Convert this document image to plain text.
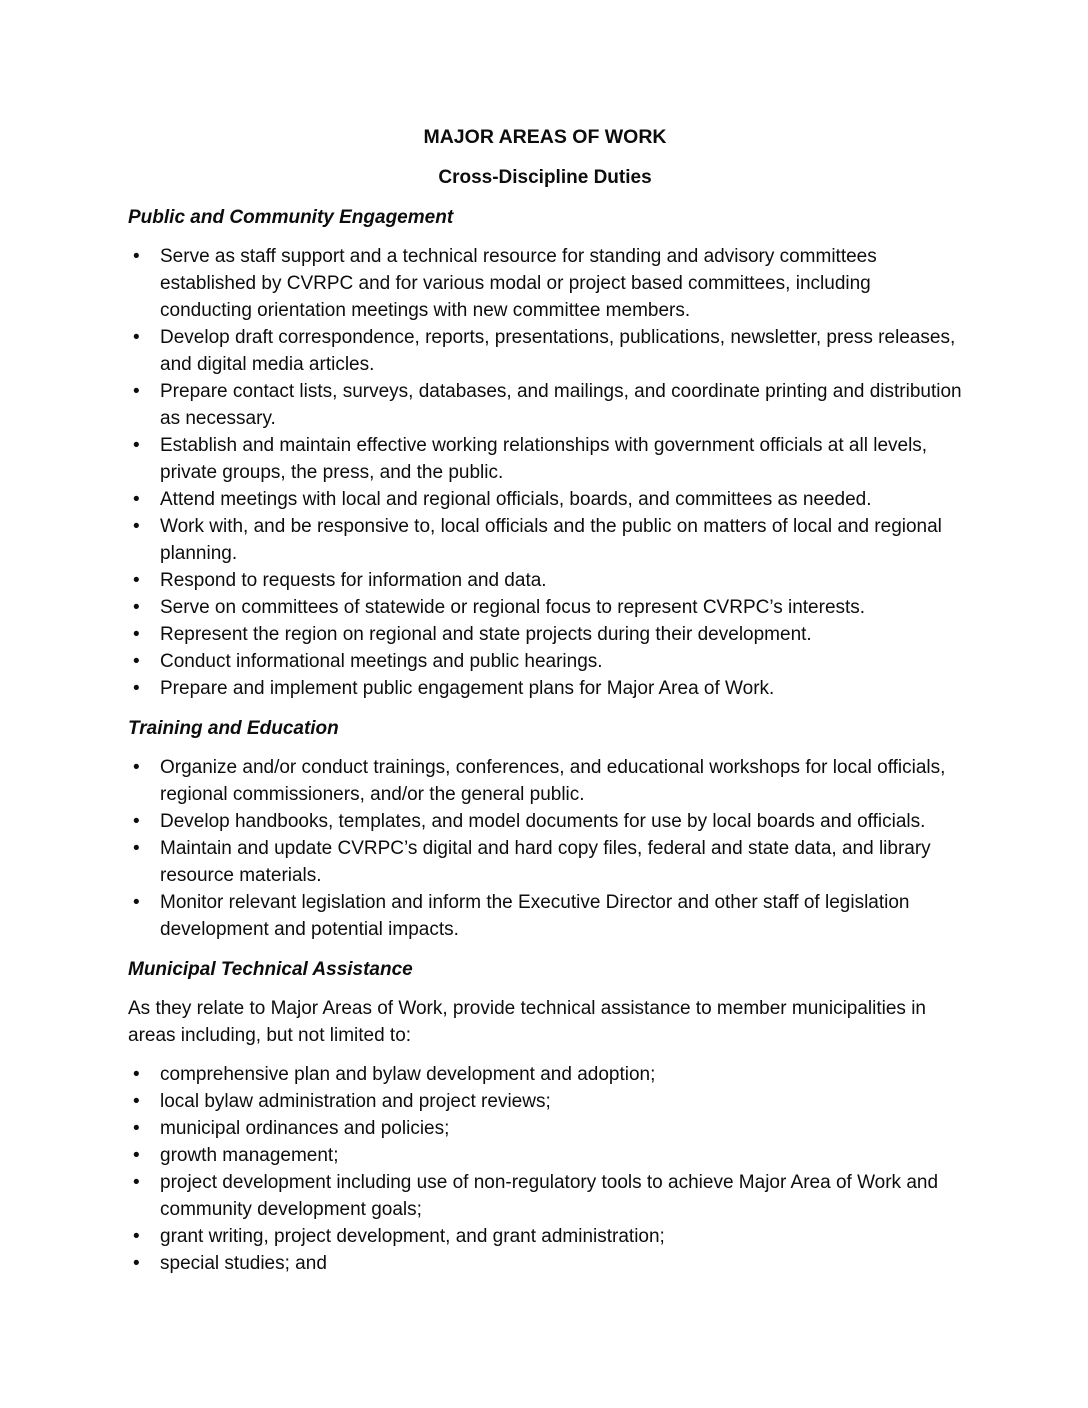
MAJOR AREAS OF WORK
Cross-Discipline Duties
Public and Community Engagement
• Serve as staff support and a technical resource for standing and advisory committees established by CVRPC and for various modal or project based committees, including conducting orientation meetings with new committee members.
• Develop draft correspondence, reports, presentations, publications, newsletter, press releases, and digital media articles.
• Prepare contact lists, surveys, databases, and mailings, and coordinate printing and distribution as necessary.
• Establish and maintain effective working relationships with government officials at all levels, private groups, the press, and the public.
• Attend meetings with local and regional officials, boards, and committees as needed.
• Work with, and be responsive to, local officials and the public on matters of local and regional planning.
• Respond to requests for information and data.
• Serve on committees of statewide or regional focus to represent CVRPC’s interests.
• Represent the region on regional and state projects during their development.
• Conduct informational meetings and public hearings.
• Prepare and implement public engagement plans for Major Area of Work.
Training and Education
• Organize and/or conduct trainings, conferences, and educational workshops for local officials, regional commissioners, and/or the general public.
• Develop handbooks, templates, and model documents for use by local boards and officials.
• Maintain and update CVRPC’s digital and hard copy files, federal and state data, and library resource materials.
• Monitor relevant legislation and inform the Executive Director and other staff of legislation development and potential impacts.
Municipal Technical Assistance

As they relate to Major Areas of Work, provide technical assistance to member municipalities in areas including, but not limited to:

• comprehensive plan and bylaw development and adoption;
• local bylaw administration and project reviews;
• municipal ordinances and policies;
• growth management;
• project development including use of non-regulatory tools to achieve Major Area of Work and community development goals;
• grant writing, project development, and grant administration;
• special studies; and
